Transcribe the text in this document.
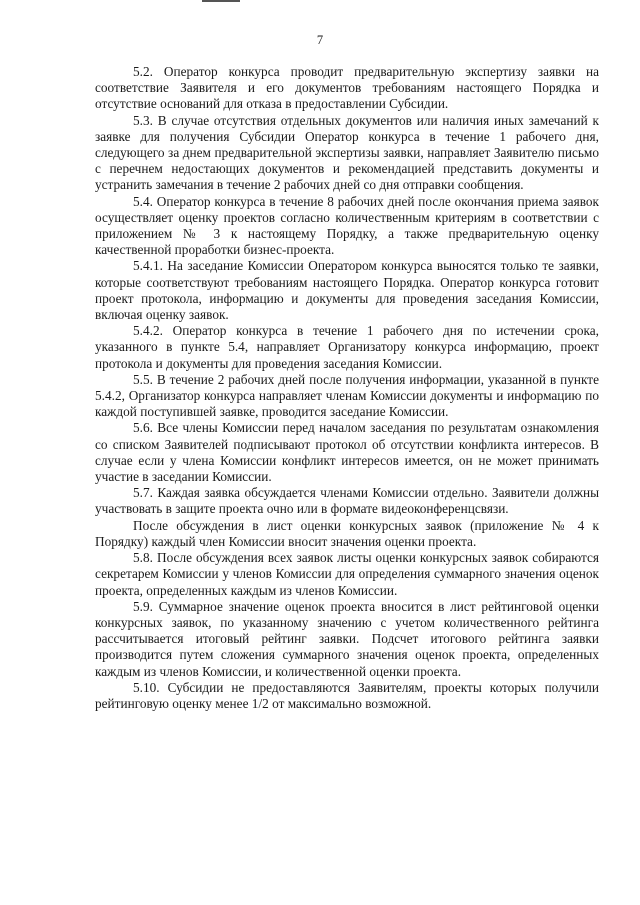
7

5.2. Оператор конкурса проводит предварительную экспертизу заявки на соответствие Заявителя и его документов требованиям настоящего Порядка и отсутствие оснований для отказа в предоставлении Субсидии.

5.3. В случае отсутствия отдельных документов или наличия иных замечаний к заявке для получения Субсидии Оператор конкурса в течение 1 рабочего дня, следующего за днем предварительной экспертизы заявки, направляет Заявителю письмо с перечнем недостающих документов и рекомендацией представить документы и устранить замечания в течение 2 рабочих дней со дня отправки сообщения.

5.4. Оператор конкурса в течение 8 рабочих дней после окончания приема заявок осуществляет оценку проектов согласно количественным критериям в соответствии с приложением № 3 к настоящему Порядку, а также предварительную оценку качественной проработки бизнес-проекта.

5.4.1. На заседание Комиссии Оператором конкурса выносятся только те заявки, которые соответствуют требованиям настоящего Порядка. Оператор конкурса готовит проект протокола, информацию и документы для проведения заседания Комиссии, включая оценку заявок.

5.4.2. Оператор конкурса в течение 1 рабочего дня по истечении срока, указанного в пункте 5.4, направляет Организатору конкурса информацию, проект протокола и документы для проведения заседания Комиссии.

5.5. В течение 2 рабочих дней после получения информации, указанной в пункте 5.4.2, Организатор конкурса направляет членам Комиссии документы и информацию по каждой поступившей заявке, проводится заседание Комиссии.

5.6. Все члены Комиссии перед началом заседания по результатам ознакомления со списком Заявителей подписывают протокол об отсутствии конфликта интересов. В случае если у члена Комиссии конфликт интересов имеется, он не может принимать участие в заседании Комиссии.

5.7. Каждая заявка обсуждается членами Комиссии отдельно. Заявители должны участвовать в защите проекта очно или в формате видеоконференцсвязи.

После обсуждения в лист оценки конкурсных заявок (приложение № 4 к Порядку) каждый член Комиссии вносит значения оценки проекта.

5.8. После обсуждения всех заявок листы оценки конкурсных заявок собираются секретарем Комиссии у членов Комиссии для определения суммарного значения оценок проекта, определенных каждым из членов Комиссии.

5.9. Суммарное значение оценок проекта вносится в лист рейтинговой оценки конкурсных заявок, по указанному значению с учетом количественного рейтинга рассчитывается итоговый рейтинг заявки. Подсчет итогового рейтинга заявки производится путем сложения суммарного значения оценок проекта, определенных каждым из членов Комиссии, и количественной оценки проекта.

5.10. Субсидии не предоставляются Заявителям, проекты которых получили рейтинговую оценку менее 1/2 от максимально возможной.
